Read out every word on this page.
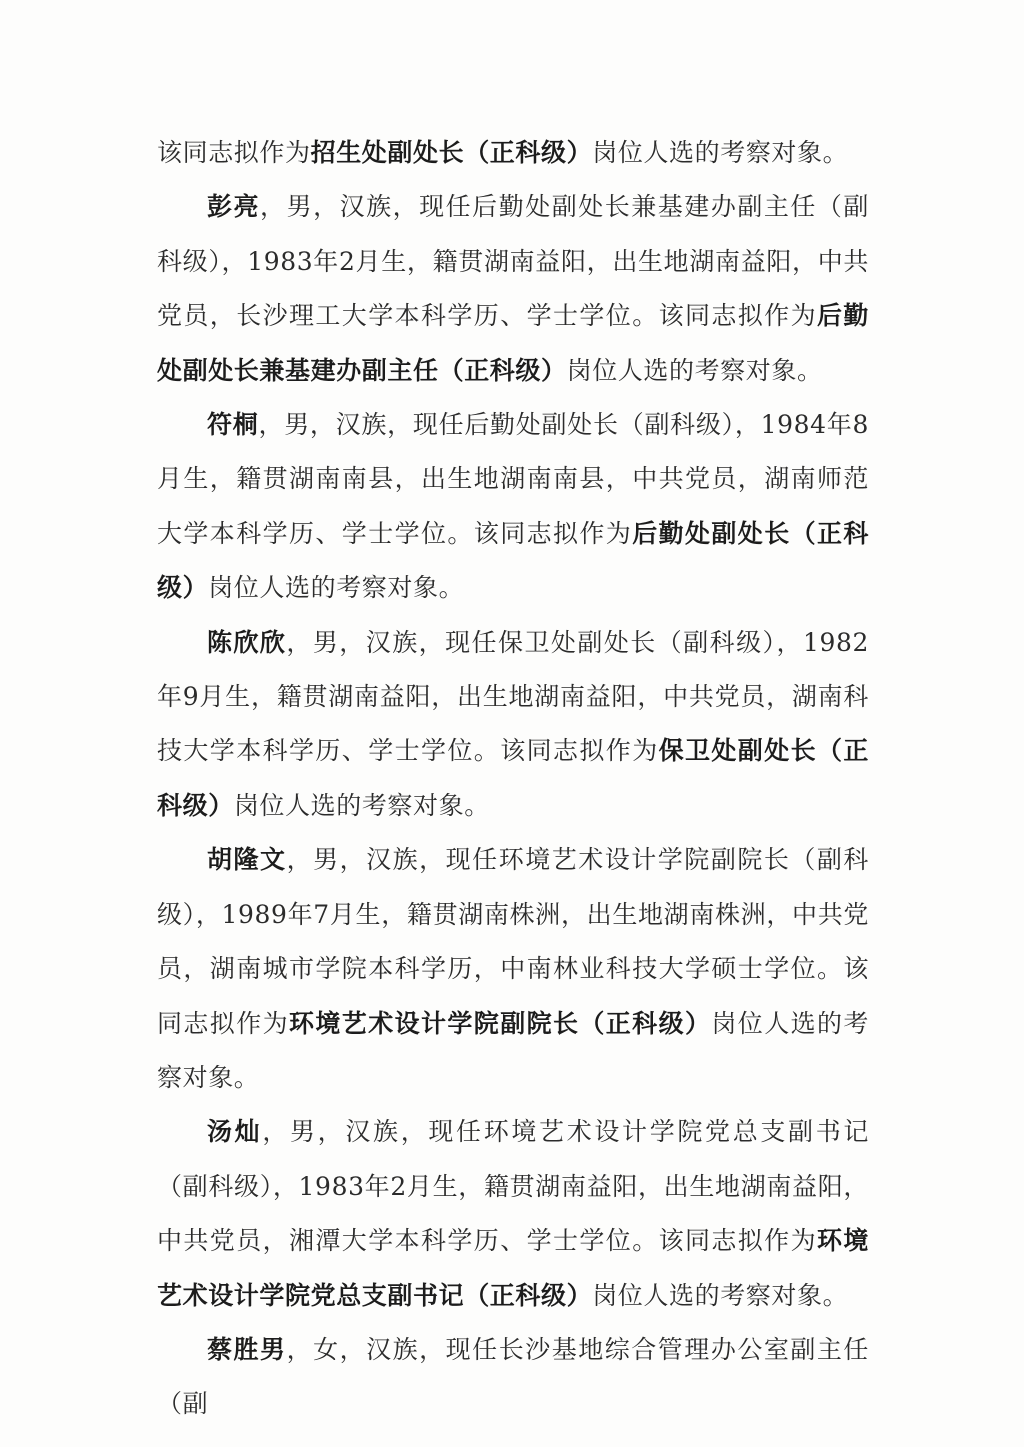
该同志拟作为招生处副处长（正科级）岗位人选的考察对象。

彭亮，男，汉族，现任后勤处副处长兼基建办副主任（副科级），1983年2月生，籍贯湖南益阳，出生地湖南益阳，中共党员，长沙理工大学本科学历、学士学位。该同志拟作为后勤处副处长兼基建办副主任（正科级）岗位人选的考察对象。

符桐，男，汉族，现任后勤处副处长（副科级），1984年8月生，籍贯湖南南县，出生地湖南南县，中共党员，湖南师范大学本科学历、学士学位。该同志拟作为后勤处副处长（正科级）岗位人选的考察对象。

陈欣欣，男，汉族，现任保卫处副处长（副科级），1982年9月生，籍贯湖南益阳，出生地湖南益阳，中共党员，湖南科技大学本科学历、学士学位。该同志拟作为保卫处副处长（正科级）岗位人选的考察对象。

胡隆文，男，汉族，现任环境艺术设计学院副院长（副科级），1989年7月生，籍贯湖南株洲，出生地湖南株洲，中共党员，湖南城市学院本科学历，中南林业科技大学硕士学位。该同志拟作为环境艺术设计学院副院长（正科级）岗位人选的考察对象。

汤灿，男，汉族，现任环境艺术设计学院党总支副书记（副科级），1983年2月生，籍贯湖南益阳，出生地湖南益阳，中共党员，湘潭大学本科学历、学士学位。该同志拟作为环境艺术设计学院党总支副书记（正科级）岗位人选的考察对象。

蔡胜男，女，汉族，现任长沙基地综合管理办公室副主任（副
